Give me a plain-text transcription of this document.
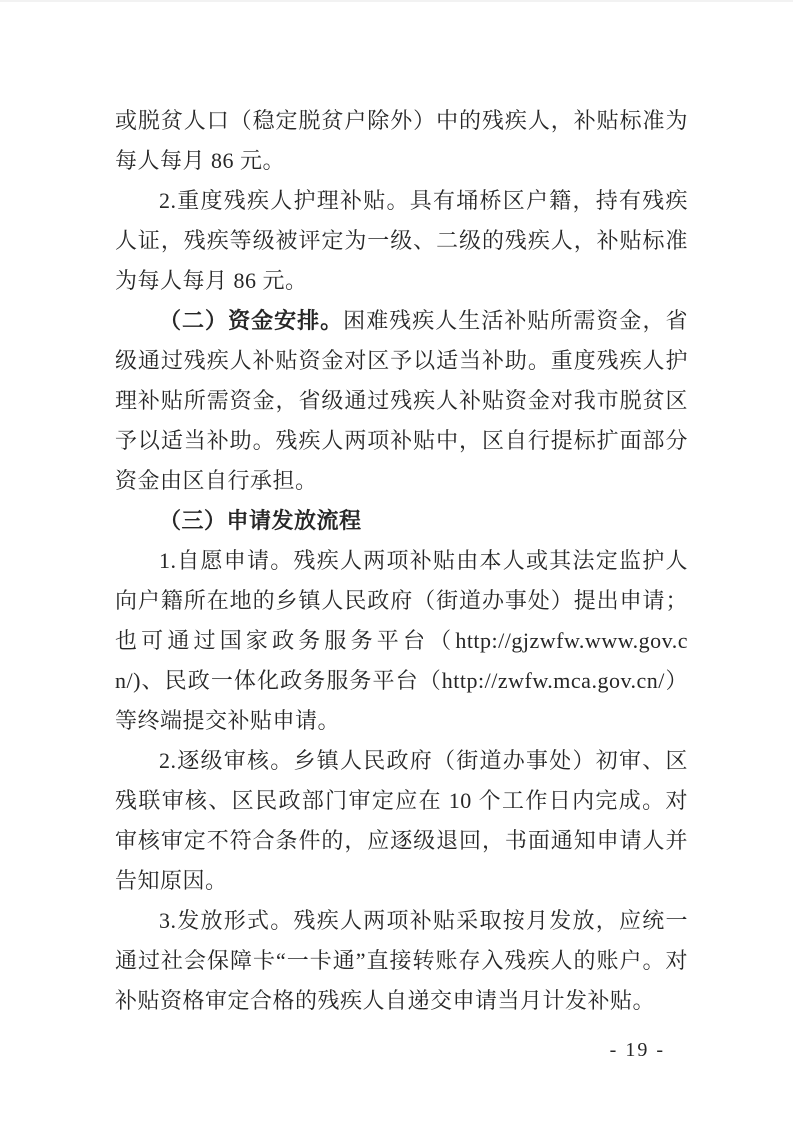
或脱贫人口（稳定脱贫户除外）中的残疾人，补贴标准为每人每月 86 元。

2.重度残疾人护理补贴。具有埇桥区户籍，持有残疾人证，残疾等级被评定为一级、二级的残疾人，补贴标准为每人每月 86 元。

（二）资金安排。困难残疾人生活补贴所需资金，省级通过残疾人补贴资金对区予以适当补助。重度残疾人护理补贴所需资金，省级通过残疾人补贴资金对我市脱贫区予以适当补助。残疾人两项补贴中，区自行提标扩面部分资金由区自行承担。

（三）申请发放流程

1.自愿申请。残疾人两项补贴由本人或其法定监护人向户籍所在地的乡镇人民政府（街道办事处）提出申请；也可通过国家政务服务平台（http://gjzwfw.www.gov.cn/)、民政一体化政务服务平台（http://zwfw.mca.gov.cn/）等终端提交补贴申请。

2.逐级审核。乡镇人民政府（街道办事处）初审、区残联审核、区民政部门审定应在 10 个工作日内完成。对审核审定不符合条件的，应逐级退回，书面通知申请人并告知原因。

3.发放形式。残疾人两项补贴采取按月发放，应统一通过社会保障卡“一卡通”直接转账存入残疾人的账户。对补贴资格审定合格的残疾人自递交申请当月计发补贴。

- 19 -
